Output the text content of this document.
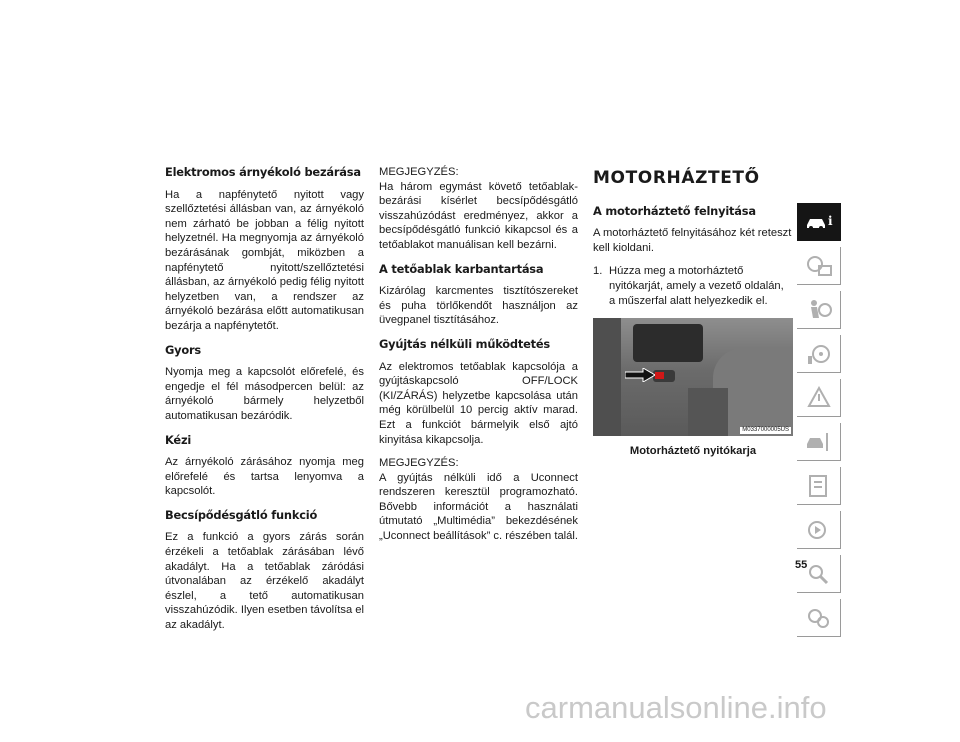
Elektromos árnyékoló bezárása

Ha a napfénytető nyitott vagy szellőztetési állásban van, az árnyékoló nem zárható be jobban a félig nyitott helyzetnél. Ha megnyomja az árnyékoló bezárásának gombját, miközben a napfénytető nyitott/szellőztetési állásban, az árnyékoló pedig félig nyitott helyzetben van, a rendszer az árnyékoló bezárása előtt automatikusan bezárja a napfénytetőt.

Gyors

Nyomja meg a kapcsolót előrefelé, és engedje el fél másodpercen belül: az árnyékoló bármely helyzetből automatikusan bezáródik.

Kézi

Az árnyékoló zárásához nyomja meg előrefelé és tartsa lenyomva a kapcsolót.

Becsípődésgátló funkció

Ez a funkció a gyors zárás során érzékeli a tetőablak zárásában lévő akadályt. Ha a tetőablak záródási útvonalában az érzékelő akadályt észlel, a tető automatikusan visszahúzódik. Ilyen esetben távolítsa el az akadályt.

MEGJEGYZÉS:

Ha három egymást követő tetőablak-bezárási kísérlet becsípődésgátló visszahúzódást eredményez, akkor a becsípődésgátló funkció kikapcsol és a tetőablakot manuálisan kell bezárni.

A tetőablak karbantartása

Kizárólag karcmentes tisztítószereket és puha törlőkendőt használjon az üvegpanel tisztításához.

Gyújtás nélküli működtetés

Az elektromos tetőablak kapcsolója a gyújtáskapcsoló OFF/LOCK (KI/ZÁRÁS) helyzetbe kapcsolása után még körülbelül 10 percig aktív marad. Ezt a funkciót bármelyik első ajtó kinyitása kikapcsolja.

MEGJEGYZÉS:

A gyújtás nélküli idő a Uconnect rendszeren keresztül programozható. Bővebb információt a használati útmutató „Multimédia” bekezdésének „Uconnect beállítások” c. részében talál.

MOTORHÁZTETŐ
A motorháztető felnyitása

A motorháztető felnyitásához két reteszt kell kioldani.

1. Húzza meg a motorháztető nyitókarját, amely a vezető oldalán, a műszerfal alatt helyezkedik el.
M0337000005US
Motorháztető nyitókarja
i
55
carmanualsonline.info
